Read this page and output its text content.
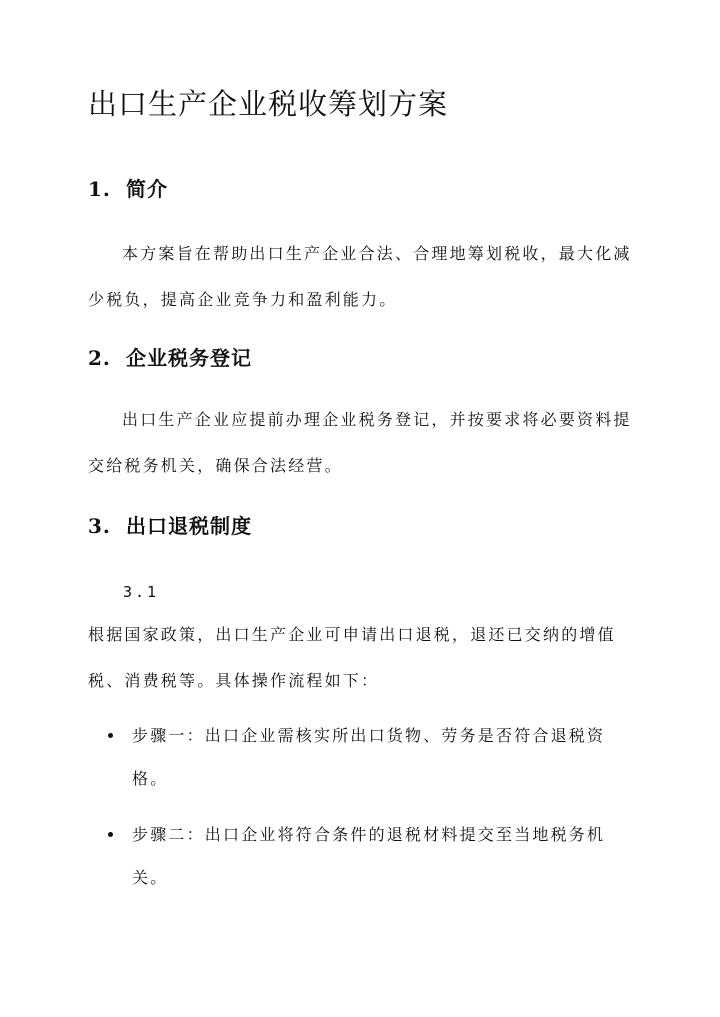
出口生产企业税收筹划方案
1. 简介

本方案旨在帮助出口生产企业合法、合理地筹划税收，最大化减少税负，提高企业竞争力和盈利能力。

2. 企业税务登记

出口生产企业应提前办理企业税务登记，并按要求将必要资料提交给税务机关，确保合法经营。

3. 出口退税制度
3.1

根据国家政策，出口生产企业可申请出口退税，退还已交纳的增值税、消费税等。具体操作流程如下：

步骤一：出口企业需核实所出口货物、劳务是否符合退税资格。
步骤二：出口企业将符合条件的退税材料提交至当地税务机关。
